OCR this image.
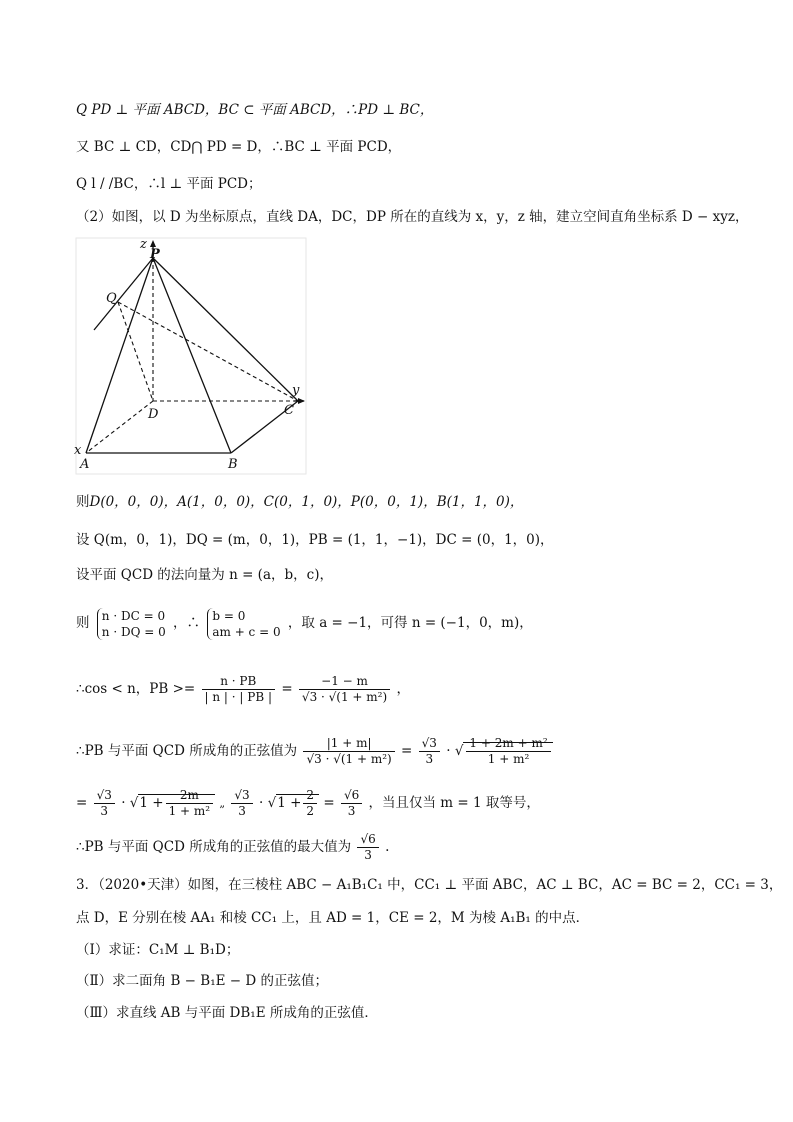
Q PD ⊥ 平面 ABCD，BC ⊂ 平面 ABCD，∴PD ⊥ BC，
又 BC ⊥ CD，CD⋂ PD = D，∴BC ⊥ 平面 PCD，
Q l / /BC，∴l ⊥ 平面 PCD；
（2）如图，以 D 为坐标原点，直线 DA，DC，DP 所在的直线为 x，y，z 轴，建立空间直角坐标系 D − xyz，
z
P
Q
D	C
y
x
A	B
则D(0，0，0)，A(1，0，0)，C(0，1，0)，P(0，0，1)，B(1，1，0)，
设 Q(m，0，1)，DQ = (m，0，1)，PB = (1，1，−1)，DC = (0，1，0)，
设平面 QCD 的法向量为 n = (a，b，c)，
则 n · DC = 0
n · DQ = 0
，∴ b = 0
am + c = 0
，取 a = −1，可得 n = (−1，0，m)，
∴cos < n，PB >= $\frac{n \cdot PB}{| n | \cdot | PB |} = \frac{-1 - m}{\text{√3 · √(1 + m²)}}$ ，
∴PB 与平面 QCD 所成角的正弦值为 $\frac{|1 + m|}{\text{√3 · √(1 + m²)}} = \frac{√3}{3}$ · √ $\frac{\text{1 + 2m + m²}}{\text{1 + m²}}$
= $\frac{√3}{3} \cdot √1 + \frac{2m}{\text{1 + m²}}$ „ $\frac{√3}{3} \cdot √1 + \frac{2}{2} = \frac{√6}{3}$ ，当且仅当 m = 1 取等号，
∴PB 与平面 QCD 所成角的正弦值的最大值为 $\frac{√6}{3}$ .
3．（2020•天津）如图，在三棱柱 ABC − A₁B₁C₁ 中，CC₁ ⊥ 平面 ABC，AC ⊥ BC，AC = BC = 2，CC₁ = 3，
点 D，E 分别在棱 AA₁ 和棱 CC₁ 上，且 AD = 1，CE = 2，M 为棱 A₁B₁ 的中点．
（Ⅰ）求证：C₁M ⊥ B₁D；
（Ⅱ）求二面角 B − B₁E − D 的正弦值；
（Ⅲ）求直线 AB 与平面 DB₁E 所成角的正弦值．
